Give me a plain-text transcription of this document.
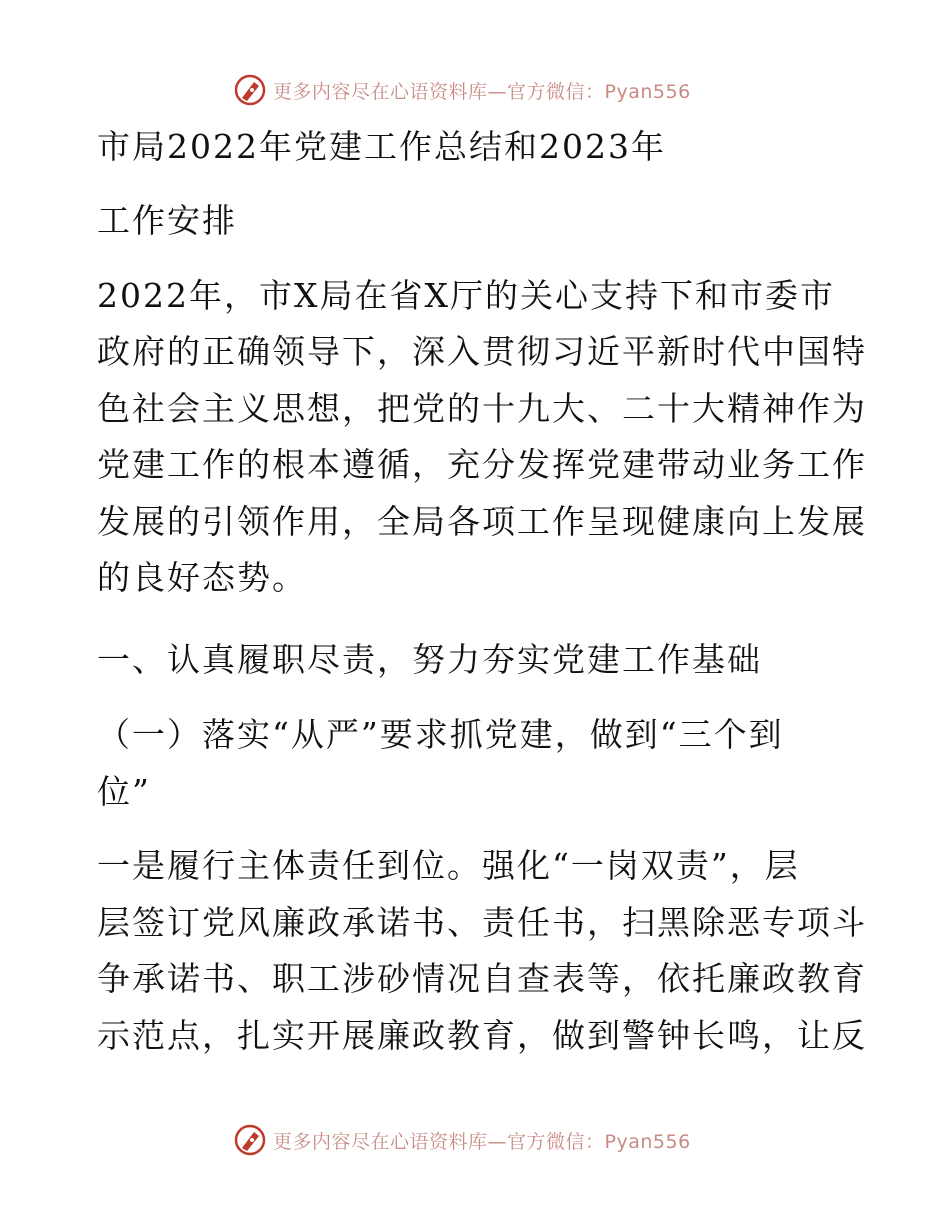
更多内容尽在心语资料库—官方微信：Pyan556
市局2022年党建工作总结和2023年
工作安排
2022年，市X局在省X厅的关心支持下和市委市
政府的正确领导下，深入贯彻习近平新时代中国特
色社会主义思想，把党的十九大、二十大精神作为
党建工作的根本遵循，充分发挥党建带动业务工作
发展的引领作用，全局各项工作呈现健康向上发展
的良好态势。
一、认真履职尽责，努力夯实党建工作基础
（一）落实“从严”要求抓党建，做到“三个到
位”
一是履行主体责任到位。强化“一岗双责”，层
层签订党风廉政承诺书、责任书，扫黑除恶专项斗
争承诺书、职工涉砂情况自查表等，依托廉政教育
示范点，扎实开展廉政教育，做到警钟长鸣，让反
更多内容尽在心语资料库—官方微信：Pyan556
